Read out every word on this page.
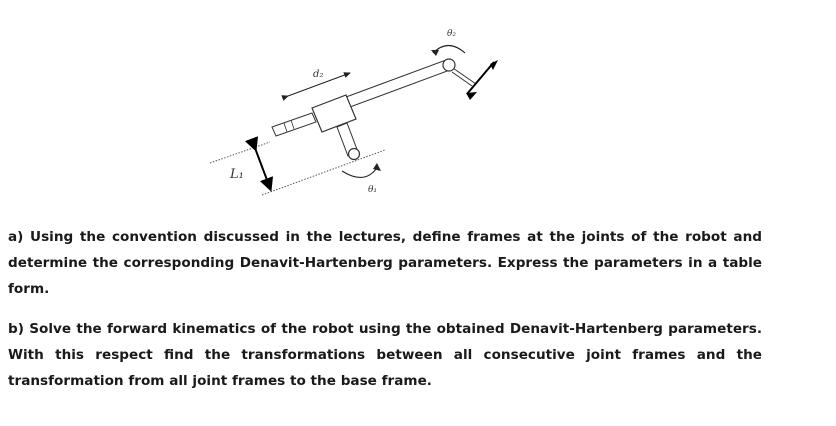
d₂
θ₂
θ₁
L₁

a) Using the convention discussed in the lectures, define frames at the joints of the robot and determine the corresponding Denavit-Hartenberg parameters. Express the parameters in a table form.

b) Solve the forward kinematics of the robot using the obtained Denavit-Hartenberg parameters. With this respect find the transformations between all consecutive joint frames and the transformation from all joint frames to the base frame.
